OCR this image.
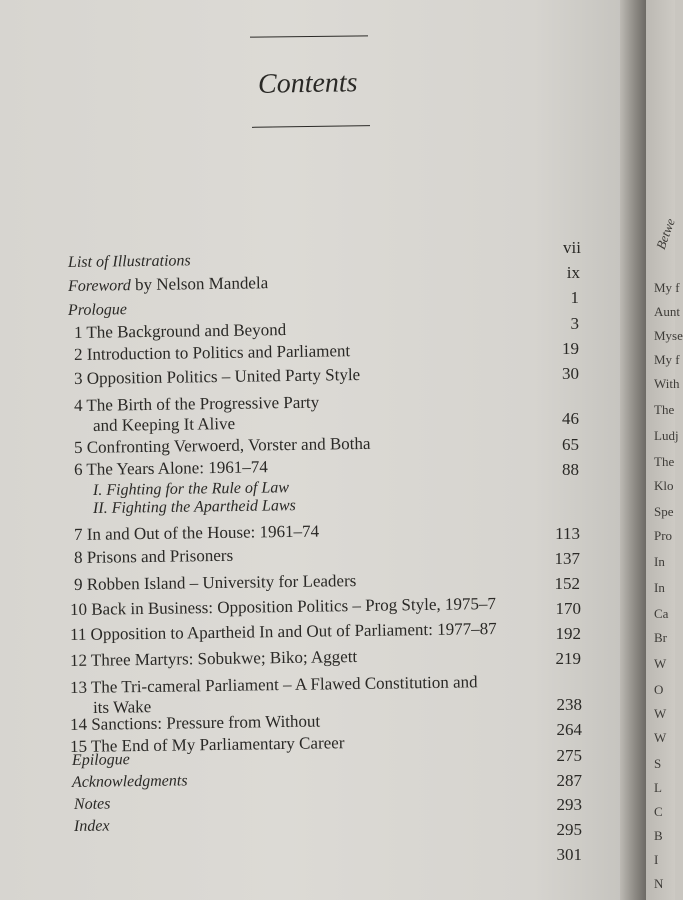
Contents
vii
ix
1
3
19
30
46
65
88
113
137
152
170
192
219
238
264
275
287
293
295
301
List of Illustrations
Foreword by Nelson Mandela
Prologue
1 The Background and Beyond
2 Introduction to Politics and Parliament
3 Opposition Politics – United Party Style
4 The Birth of the Progressive Party
and Keeping It Alive
5 Confronting Verwoerd, Vorster and Botha
6 The Years Alone: 1961–74
I. Fighting for the Rule of Law
II. Fighting the Apartheid Laws
7 In and Out of the House: 1961–74
8 Prisons and Prisoners
9 Robben Island – University for Leaders
10 Back in Business: Opposition Politics – Prog Style, 1975–7
11 Opposition to Apartheid In and Out of Parliament: 1977–87
12 Three Martyrs: Sobukwe; Biko; Aggett
13 The Tri-cameral Parliament – A Flawed Constitution and
its Wake
14 Sanctions: Pressure from Without
15 The End of My Parliamentary Career
Epilogue
Acknowledgments
Notes
Index
Betwe
My f
Aunt
Myse
My f
With
The
Ludj
The
Klo
Spe
Pro
In
In
Ca
Br
W
O
W
W
S
L
C
B
I
N
